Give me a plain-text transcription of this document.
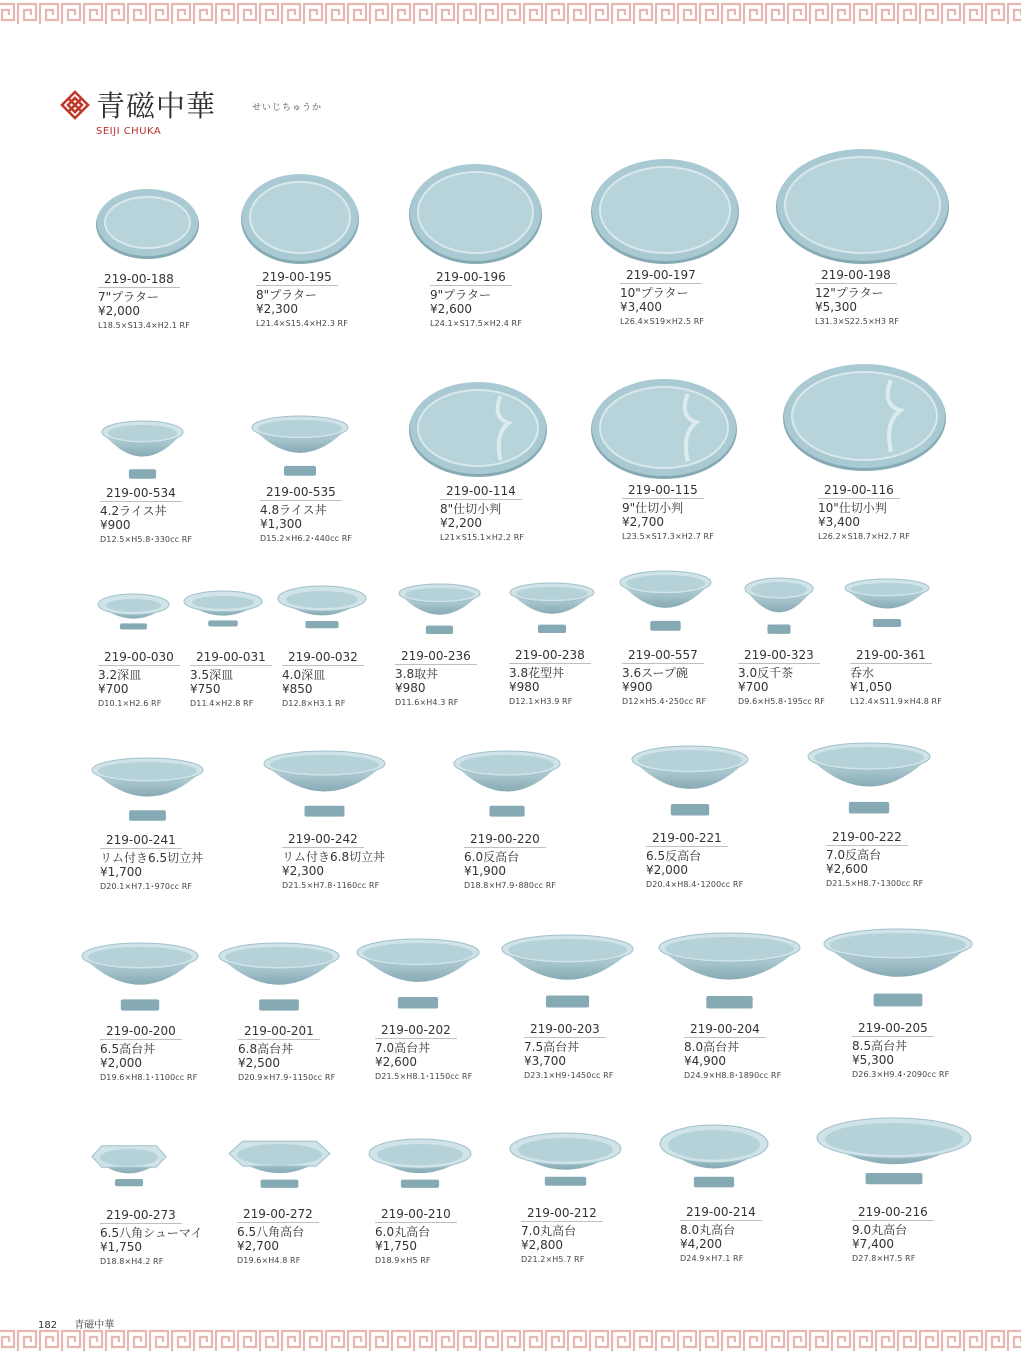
青磁中華	せいじちゅうか
SEIJI CHUKA
219-00-188
7"プラター
¥2,000
L18.5×S13.4×H2.1 RF
219-00-195
8"プラター
¥2,300
L21.4×S15.4×H2.3 RF
219-00-196
9"プラター
¥2,600
L24.1×S17.5×H2.4 RF
219-00-197
10"プラター
¥3,400
L26.4×S19×H2.5 RF
219-00-198
12"プラター
¥5,300
L31.3×S22.5×H3 RF
219-00-534
4.2ライス丼
¥900
D12.5×H5.8･330cc RF
219-00-535
4.8ライス丼
¥1,300
D15.2×H6.2･440cc RF
219-00-114
8"仕切小判
¥2,200
L21×S15.1×H2.2 RF
219-00-115
9"仕切小判
¥2,700
L23.5×S17.3×H2.7 RF
219-00-116
10"仕切小判
¥3,400
L26.2×S18.7×H2.7 RF
219-00-030
3.2深皿
¥700
D10.1×H2.6 RF
219-00-031
3.5深皿
¥750
D11.4×H2.8 RF
219-00-032
4.0深皿
¥850
D12.8×H3.1 RF
219-00-236
3.8取丼
¥980
D11.6×H4.3 RF
219-00-238
3.8花型丼
¥980
D12.1×H3.9 RF
219-00-557
3.6スープ碗
¥900
D12×H5.4･250cc RF
219-00-323
3.0反千茶
¥700
D9.6×H5.8･195cc RF
219-00-361
呑水
¥1,050
L12.4×S11.9×H4.8 RF
219-00-241
リム付き6.5切立丼
¥1,700
D20.1×H7.1･970cc RF
219-00-242
リム付き6.8切立丼
¥2,300
D21.5×H7.8･1160cc RF
219-00-220
6.0反高台
¥1,900
D18.8×H7.9･880cc RF
219-00-221
6.5反高台
¥2,000
D20.4×H8.4･1200cc RF
219-00-222
7.0反高台
¥2,600
D21.5×H8.7･1300cc RF
219-00-200
6.5高台丼
¥2,000
D19.6×H8.1･1100cc RF
219-00-201
6.8高台丼
¥2,500
D20.9×H7.9･1150cc RF
219-00-202
7.0高台丼
¥2,600
D21.5×H8.1･1150cc RF
219-00-203
7.5高台丼
¥3,700
D23.1×H9･1450cc RF
219-00-204
8.0高台丼
¥4,900
D24.9×H8.8･1890cc RF
219-00-205
8.5高台丼
¥5,300
D26.3×H9.4･2090cc RF
219-00-273
6.5八角シューマイ
¥1,750
D18.8×H4.2 RF
219-00-272
6.5八角高台
¥2,700
D19.6×H4.8 RF
219-00-210
6.0丸高台
¥1,750
D18.9×H5 RF
219-00-212
7.0丸高台
¥2,800
D21.2×H5.7 RF
219-00-214
8.0丸高台
¥4,200
D24.9×H7.1 RF
219-00-216
9.0丸高台
¥7,400
D27.8×H7.5 RF
182 青磁中華
